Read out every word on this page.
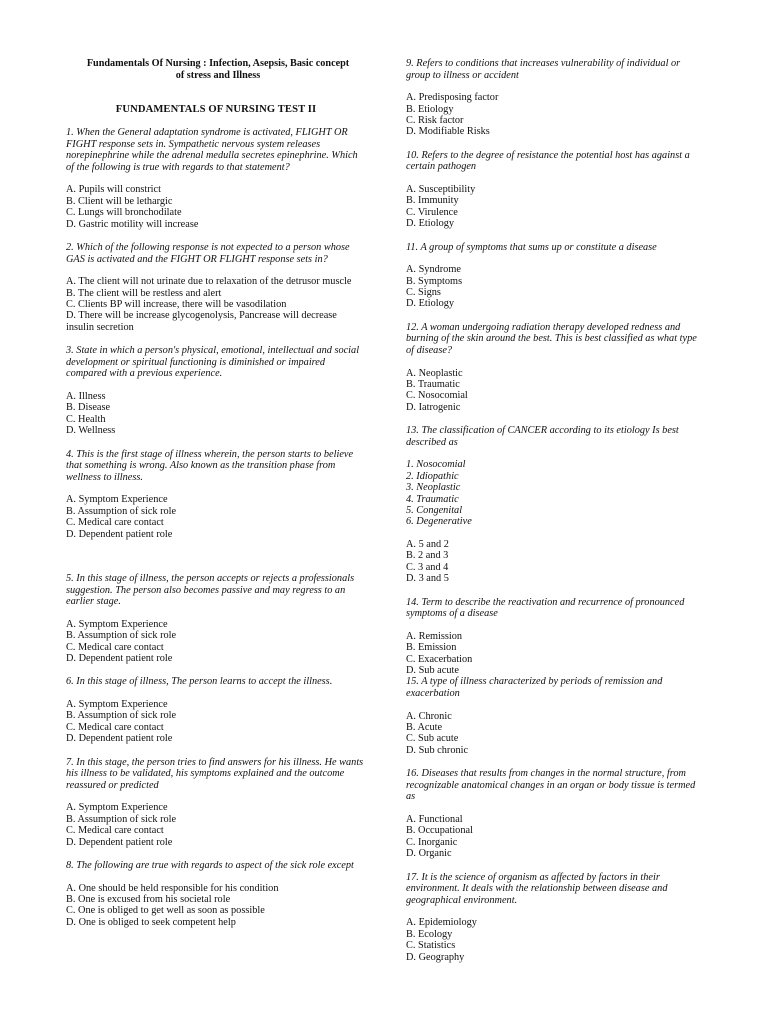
Fundamentals Of Nursing : Infection, Asepsis, Basic concept
of stress and Illness
FUNDAMENTALS OF NURSING TEST II

1. When the General adaptation syndrome is activated, FLIGHT OR FIGHT response sets in. Sympathetic nervous system releases norepinephrine while the adrenal medulla secretes epinephrine. Which of the following is true with regards to that statement?

A. Pupils will constrict
B. Client will be lethargic
C. Lungs will bronchodilate
D. Gastric motility will increase

2. Which of the following response is not expected to a person whose GAS is activated and the FIGHT OR FLIGHT response sets in?

A. The client will not urinate due to relaxation of the detrusor muscle
B. The client will be restless and alert
C. Clients BP will increase, there will be vasodilation
D. There will be increase glycogenolysis, Pancrease will decrease insulin secretion

3. State in which a person's physical, emotional, intellectual and social development or spiritual functioning is diminished or impaired compared with a previous experience.

A. Illness
B. Disease
C. Health
D. Wellness

4. This is the first stage of illness wherein, the person starts to believe that something is wrong. Also known as the transition phase from wellness to illness.

A. Symptom Experience
B. Assumption of sick role
C. Medical care contact
D. Dependent patient role

5. In this stage of illness, the person accepts or rejects a professionals suggestion. The person also becomes passive and may regress to an earlier stage.

A. Symptom Experience
B. Assumption of sick role
C. Medical care contact
D. Dependent patient role

6. In this stage of illness, The person learns to accept the illness.

A. Symptom Experience
B. Assumption of sick role
C. Medical care contact
D. Dependent patient role

7. In this stage, the person tries to find answers for his illness. He wants his illness to be validated, his symptoms explained and the outcome reassured or predicted

A. Symptom Experience
B. Assumption of sick role
C. Medical care contact
D. Dependent patient role

8. The following are true with regards to aspect of the sick role except

A. One should be held responsible for his condition
B. One is excused from his societal role
C. One is obliged to get well as soon as possible
D. One is obliged to seek competent help

9. Refers to conditions that increases vulnerability of individual or group to illness or accident

A. Predisposing factor
B. Etiology
C. Risk factor
D. Modifiable Risks

10. Refers to the degree of resistance the potential host has against a certain pathogen

A. Susceptibility
B. Immunity
C. Virulence
D. Etiology

11. A group of symptoms that sums up or constitute a disease

A. Syndrome
B. Symptoms
C. Signs
D. Etiology

12. A woman undergoing radiation therapy developed redness and burning of the skin around the best. This is best classified as what type of disease?

A. Neoplastic
B. Traumatic
C. Nosocomial
D. Iatrogenic

13. The classification of CANCER according to its etiology Is best described as

1. Nosocomial
2. Idiopathic
3. Neoplastic
4. Traumatic
5. Congenital
6. Degenerative
A. 5 and 2
B. 2 and 3
C. 3 and 4
D. 3 and 5

14. Term to describe the reactivation and recurrence of pronounced symptoms of a disease

A. Remission
B. Emission
C. Exacerbation
D. Sub acute

15. A type of illness characterized by periods of remission and exacerbation

A. Chronic
B. Acute
C. Sub acute
D. Sub chronic

16. Diseases that results from changes in the normal structure, from recognizable anatomical changes in an organ or body tissue is termed as

A. Functional
B. Occupational
C. Inorganic
D. Organic

17. It is the science of organism as affected by factors in their environment. It deals with the relationship between disease and geographical environment.

A. Epidemiology
B. Ecology
C. Statistics
D. Geography
